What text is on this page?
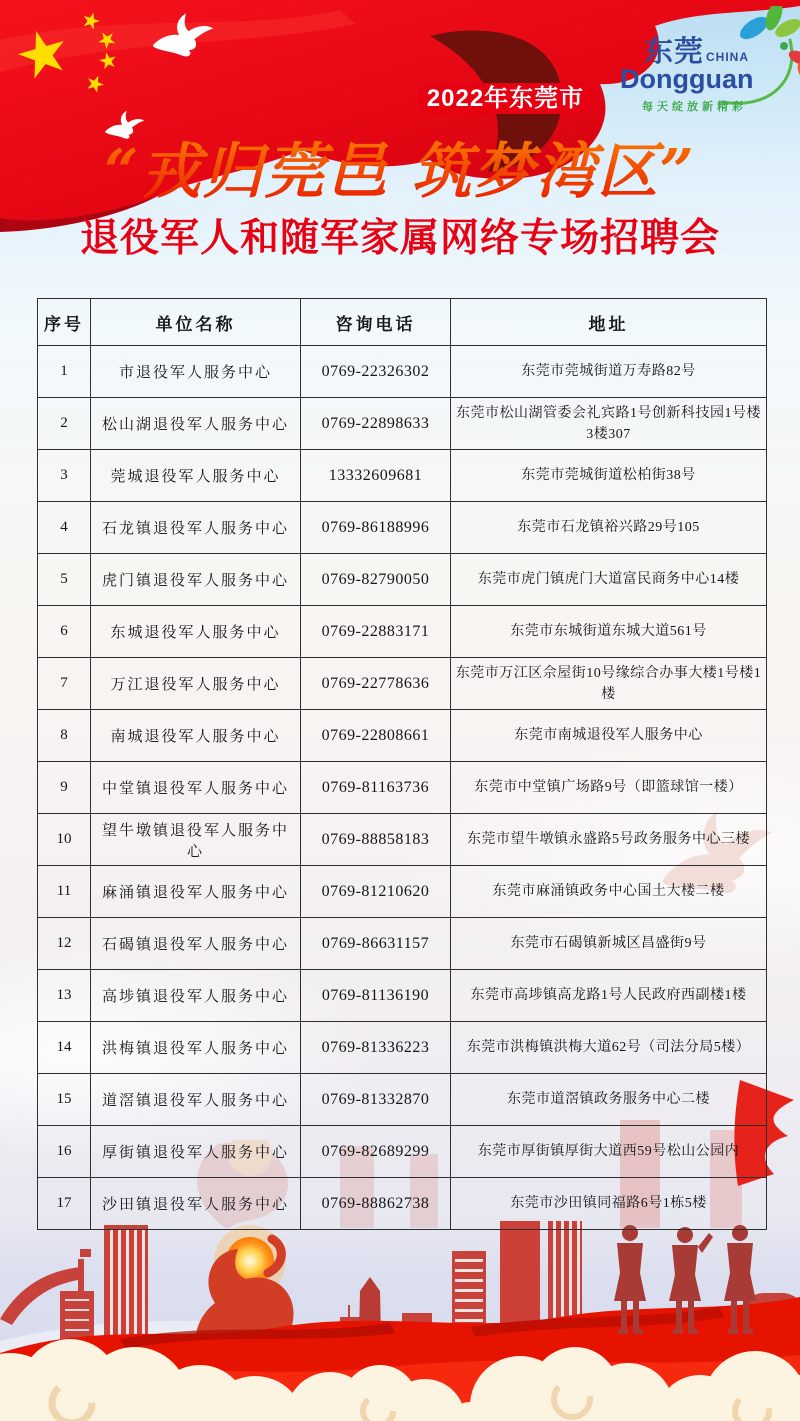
东莞 CHINA
Dongguan
每天绽放新精彩
2022年东莞市
“戎归莞邑 筑梦湾区”
退役军人和随军家属网络专场招聘会
序号	单位名称	咨询电话	地址
1	市退役军人服务中心	0769-22326302	东莞市莞城街道万寿路82号
2	松山湖退役军人服务中心	0769-22898633	东莞市松山湖管委会礼宾路1号创新科技园1号楼3楼307
3	莞城退役军人服务中心	13332609681	东莞市莞城街道松柏街38号
4	石龙镇退役军人服务中心	0769-86188996	东莞市石龙镇裕兴路29号105
5	虎门镇退役军人服务中心	0769-82790050	东莞市虎门镇虎门大道富民商务中心14楼
6	东城退役军人服务中心	0769-22883171	东莞市东城街道东城大道561号
7	万江退役军人服务中心	0769-22778636	东莞市万江区佘屋街10号缘综合办事大楼1号楼1楼
8	南城退役军人服务中心	0769-22808661	东莞市南城退役军人服务中心
9	中堂镇退役军人服务中心	0769-81163736	东莞市中堂镇广场路9号（即篮球馆一楼）
10	望牛墩镇退役军人服务中心	0769-88858183	东莞市望牛墩镇永盛路5号政务服务中心三楼
11	麻涌镇退役军人服务中心	0769-81210620	东莞市麻涌镇政务中心国土大楼二楼
12	石碣镇退役军人服务中心	0769-86631157	东莞市石碣镇新城区昌盛街9号
13	高埗镇退役军人服务中心	0769-81136190	东莞市高埗镇高龙路1号人民政府西副楼1楼
14	洪梅镇退役军人服务中心	0769-81336223	东莞市洪梅镇洪梅大道62号（司法分局5楼）
15	道滘镇退役军人服务中心	0769-81332870	东莞市道滘镇政务服务中心二楼
16	厚街镇退役军人服务中心	0769-82689299	东莞市厚街镇厚街大道西59号松山公园内
17	沙田镇退役军人服务中心	0769-88862738	东莞市沙田镇同福路6号1栋5楼
